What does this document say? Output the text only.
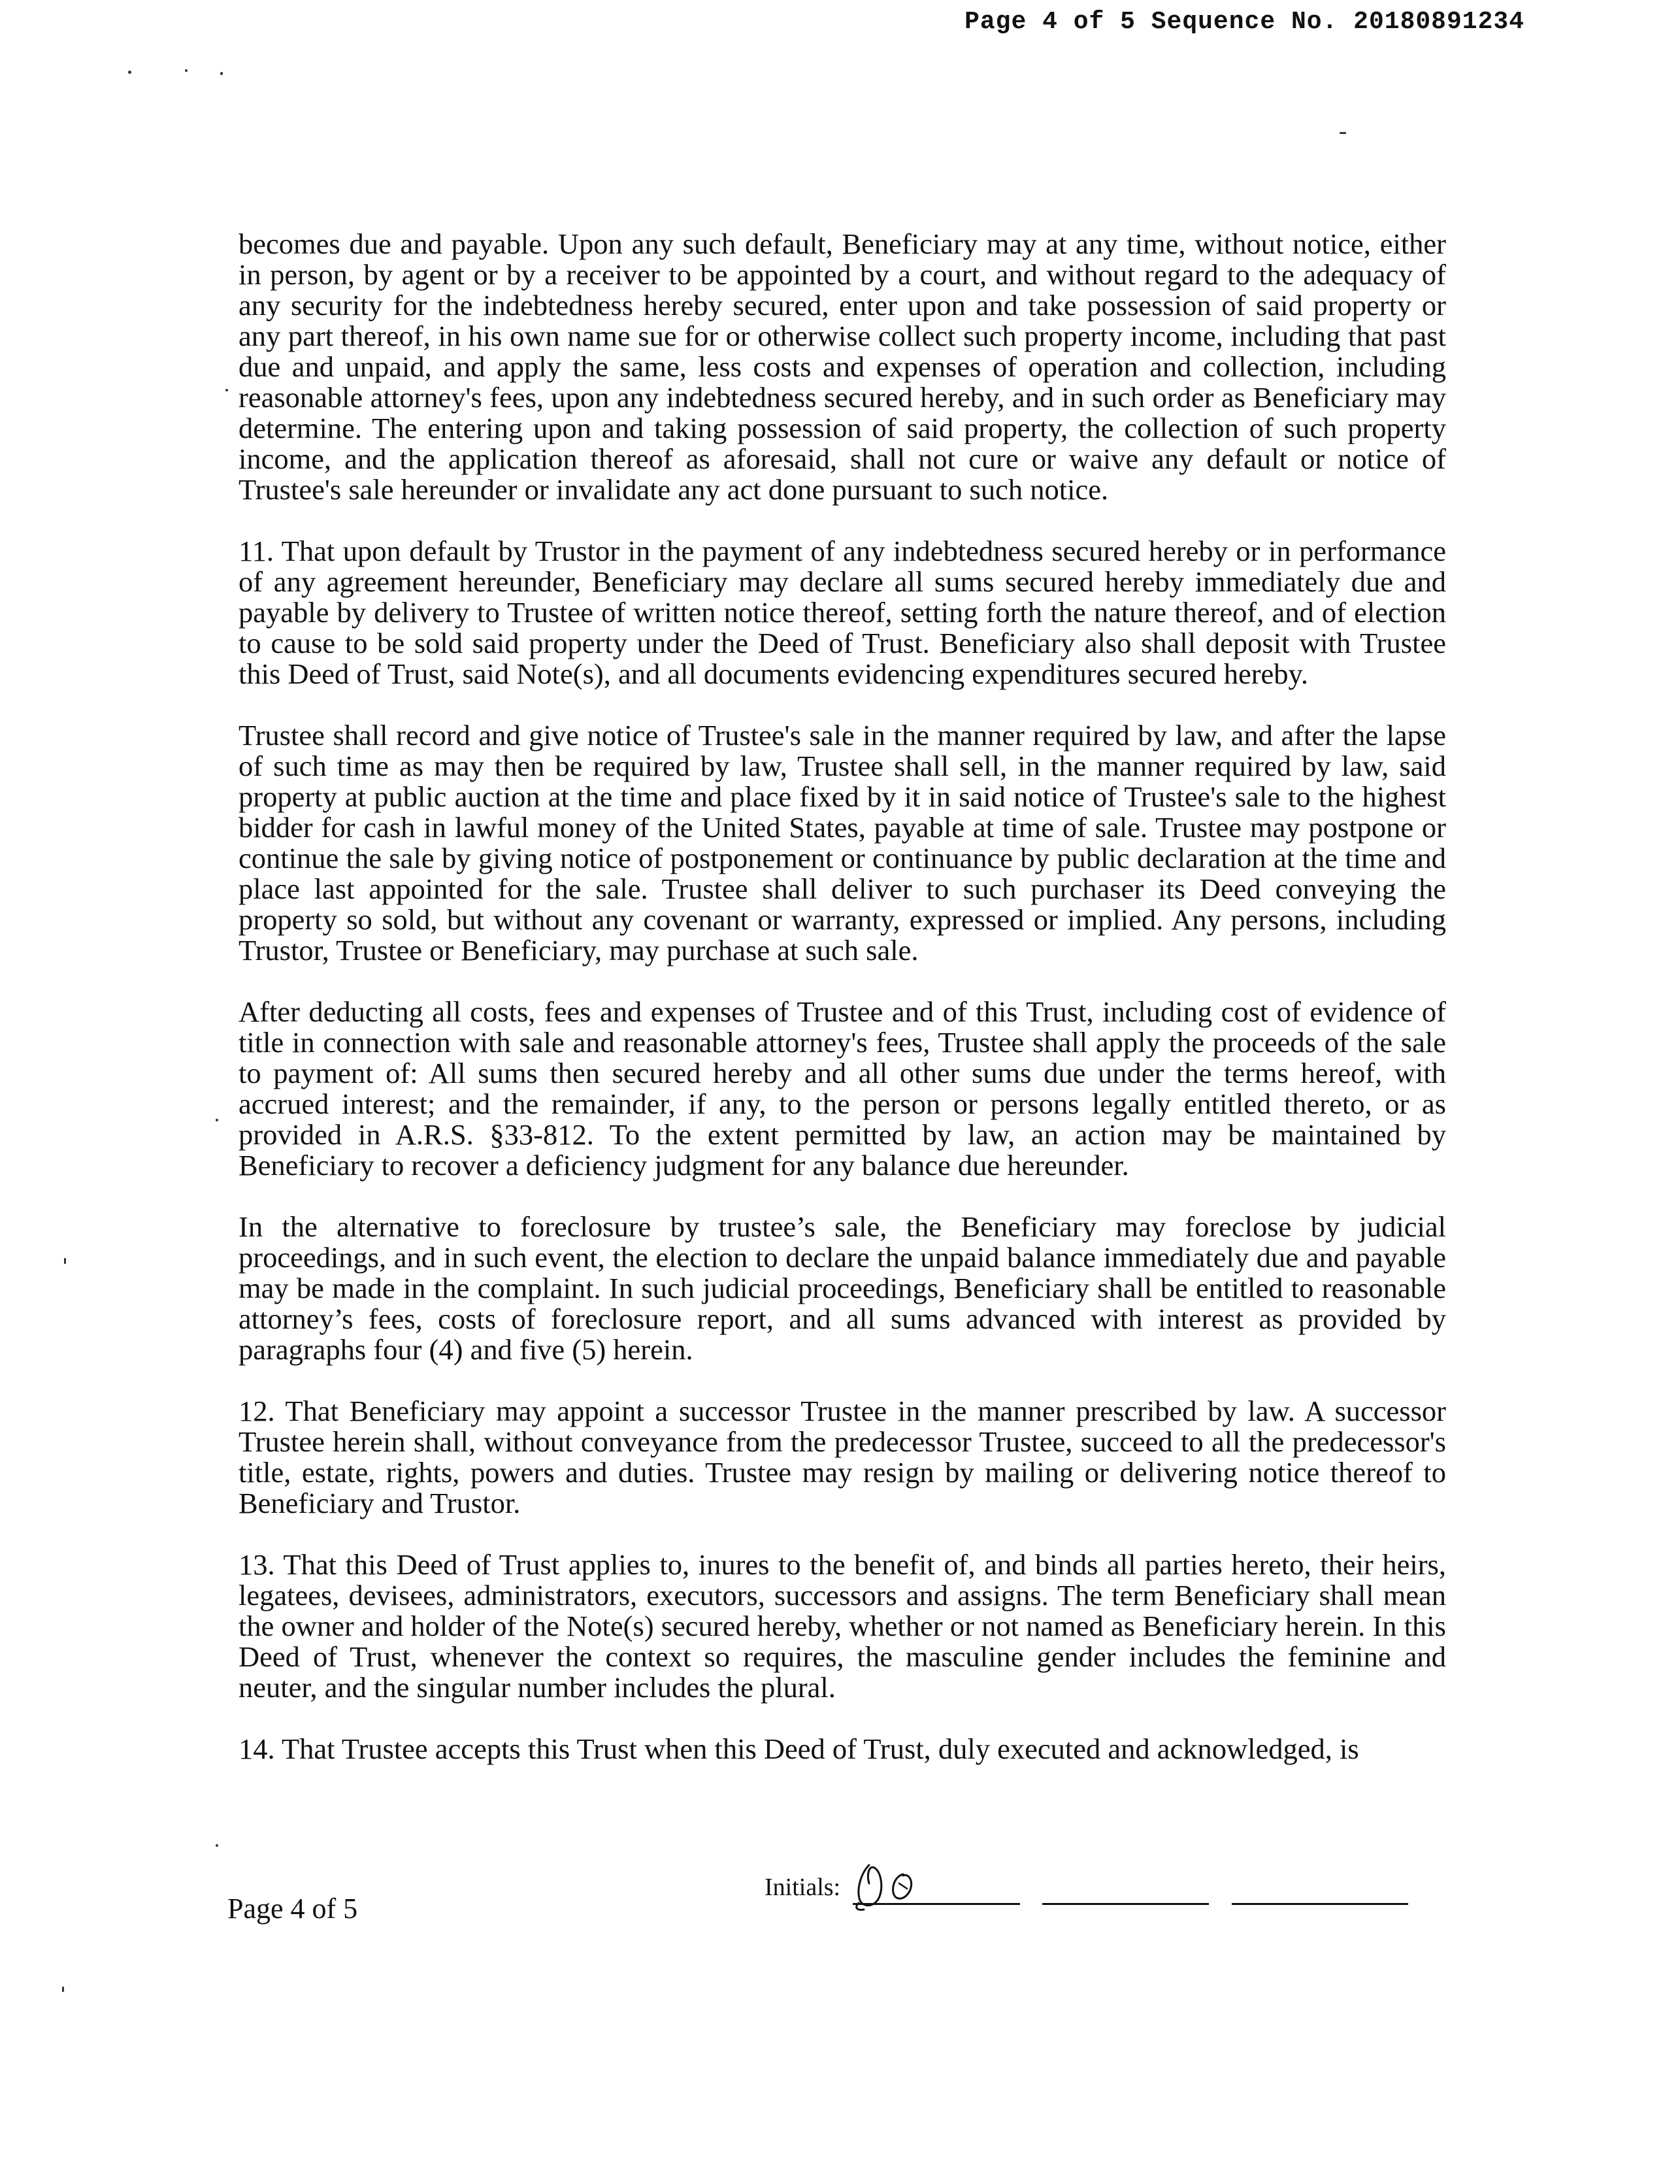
Page 4 of 5 Sequence No. 20180891234

becomes due and payable. Upon any such default, Beneficiary may at any time, without notice, either in person, by agent or by a receiver to be appointed by a court, and without regard to the adequacy of any security for the indebtedness hereby secured, enter upon and take possession of said property or any part thereof, in his own name sue for or otherwise collect such property income, including that past due and unpaid, and apply the same, less costs and expenses of operation and collection, including reasonable attorney's fees, upon any indebtedness secured hereby, and in such order as Beneficiary may determine. The entering upon and taking possession of said property, the collection of such property income, and the application thereof as aforesaid, shall not cure or waive any default or notice of Trustee's sale hereunder or invalidate any act done pursuant to such notice.

11. That upon default by Trustor in the payment of any indebtedness secured hereby or in performance of any agreement hereunder, Beneficiary may declare all sums secured hereby immediately due and payable by delivery to Trustee of written notice thereof, setting forth the nature thereof, and of election to cause to be sold said property under the Deed of Trust. Beneficiary also shall deposit with Trustee this Deed of Trust, said Note(s), and all documents evidencing expenditures secured hereby.

Trustee shall record and give notice of Trustee's sale in the manner required by law, and after the lapse of such time as may then be required by law, Trustee shall sell, in the manner required by law, said property at public auction at the time and place fixed by it in said notice of Trustee's sale to the highest bidder for cash in lawful money of the United States, payable at time of sale. Trustee may postpone or continue the sale by giving notice of postponement or continuance by public declaration at the time and place last appointed for the sale. Trustee shall deliver to such purchaser its Deed conveying the property so sold, but without any covenant or warranty, expressed or implied. Any persons, including Trustor, Trustee or Beneficiary, may purchase at such sale.

After deducting all costs, fees and expenses of Trustee and of this Trust, including cost of evidence of title in connection with sale and reasonable attorney's fees, Trustee shall apply the proceeds of the sale to payment of: All sums then secured hereby and all other sums due under the terms hereof, with accrued interest; and the remainder, if any, to the person or persons legally entitled thereto, or as provided in A.R.S. §33-812. To the extent permitted by law, an action may be maintained by Beneficiary to recover a deficiency judgment for any balance due hereunder.

In the alternative to foreclosure by trustee’s sale, the Beneficiary may foreclose by judicial proceedings, and in such event, the election to declare the unpaid balance immediately due and payable may be made in the complaint. In such judicial proceedings, Beneficiary shall be entitled to reasonable attorney’s fees, costs of foreclosure report, and all sums advanced with interest as provided by paragraphs four (4) and five (5) herein.

12. That Beneficiary may appoint a successor Trustee in the manner prescribed by law. A successor Trustee herein shall, without conveyance from the predecessor Trustee, succeed to all the predecessor's title, estate, rights, powers and duties. Trustee may resign by mailing or delivering notice thereof to Beneficiary and Trustor.

13. That this Deed of Trust applies to, inures to the benefit of, and binds all parties hereto, their heirs, legatees, devisees, administrators, executors, successors and assigns. The term Beneficiary shall mean the owner and holder of the Note(s) secured hereby, whether or not named as Beneficiary herein. In this Deed of Trust, whenever the context so requires, the masculine gender includes the feminine and neuter, and the singular number includes the plural.

14. That Trustee accepts this Trust when this Deed of Trust, duly executed and acknowledged, is

Page 4 of 5
Initials:
